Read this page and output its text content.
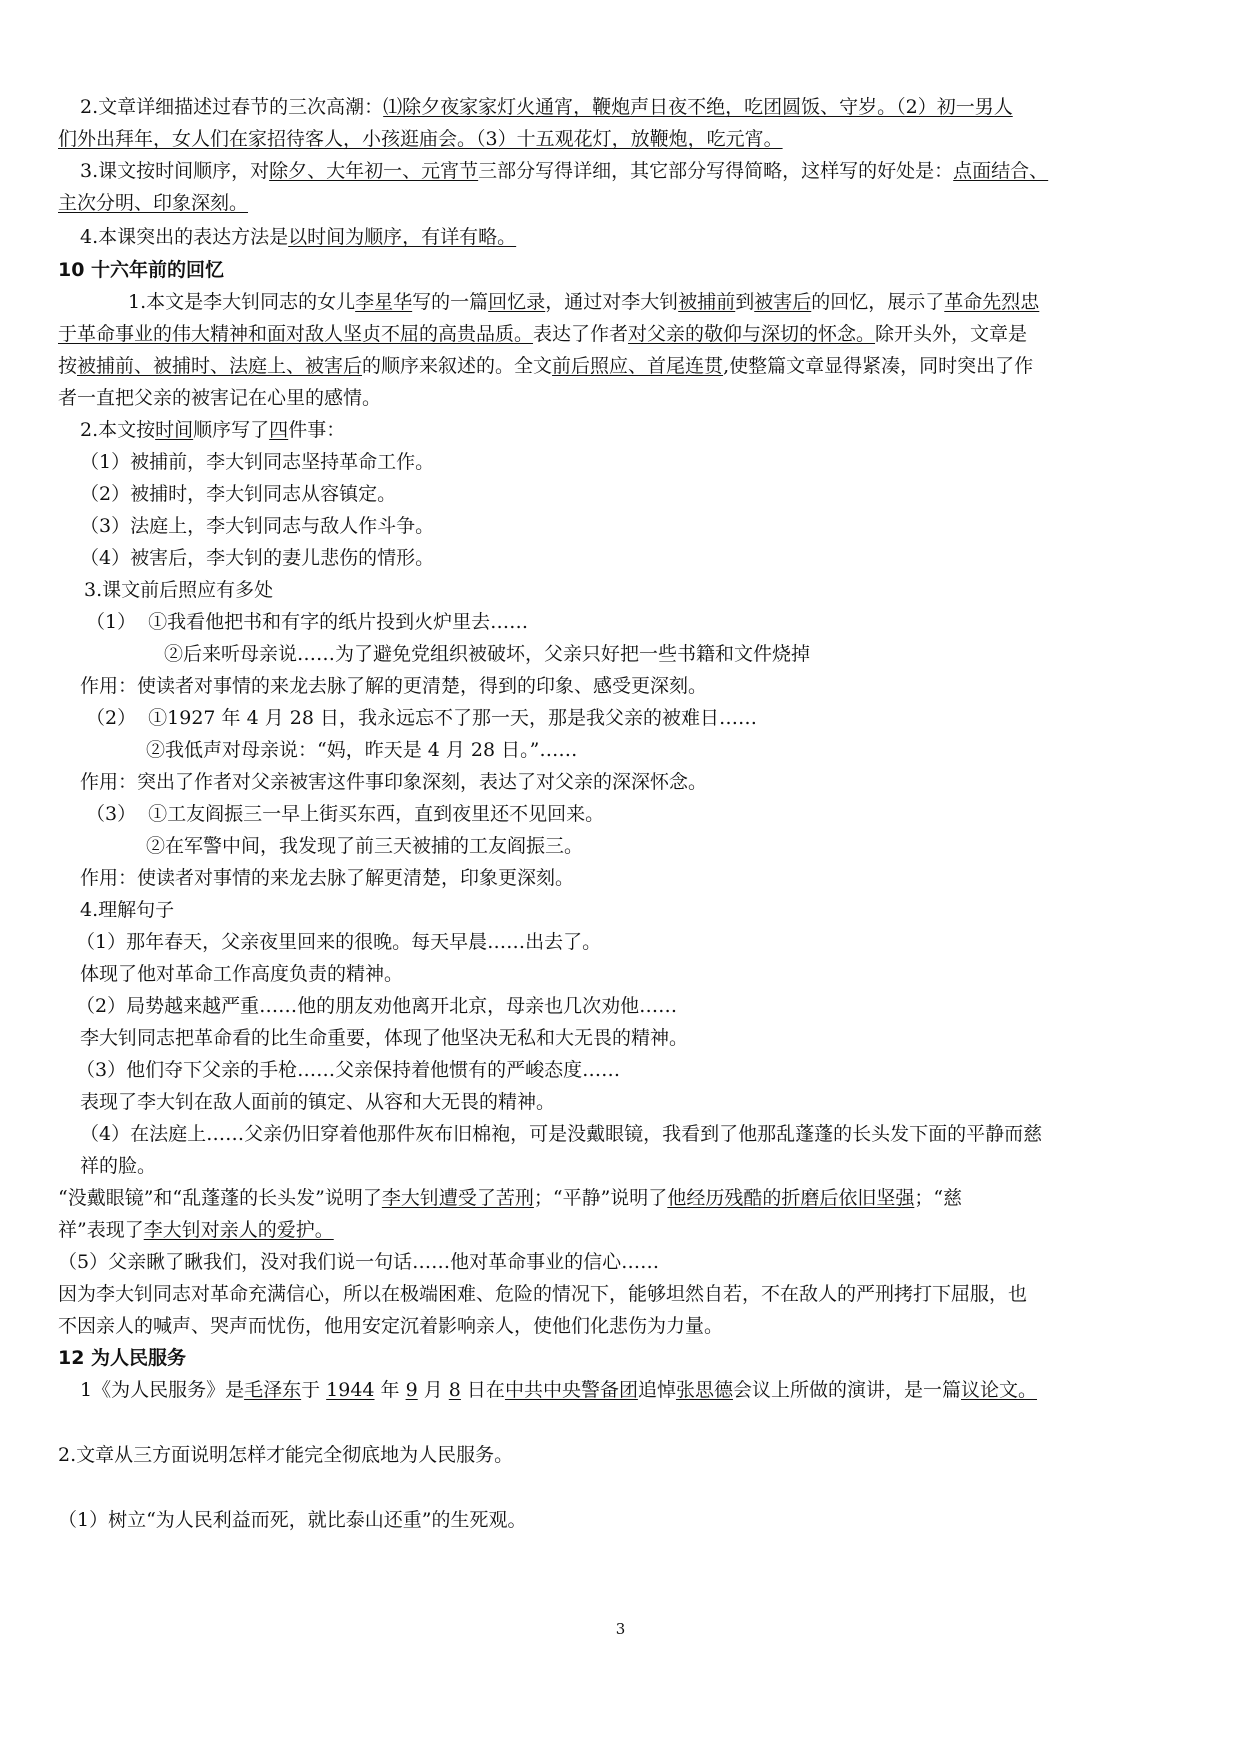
2.文章详细描述过春节的三次高潮：⑴除夕夜家家灯火通宵，鞭炮声日夜不绝，吃团圆饭、守岁。（2）初一男人
们外出拜年，女人们在家招待客人，小孩逛庙会。（3）十五观花灯，放鞭炮，吃元宵。
3.课文按时间顺序，对除夕、大年初一、元宵节三部分写得详细，其它部分写得简略，这样写的好处是：点面结合、
主次分明、印象深刻。
4.本课突出的表达方法是以时间为顺序，有详有略。
10 十六年前的回忆
1.本文是李大钊同志的女儿李星华写的一篇回忆录，通过对李大钊被捕前到被害后的回忆，展示了革命先烈忠
于革命事业的伟大精神和面对敌人坚贞不屈的高贵品质。表达了作者对父亲的敬仰与深切的怀念。除开头外，文章是
按被捕前、被捕时、法庭上、被害后的顺序来叙述的。全文前后照应、首尾连贯,使整篇文章显得紧凑，同时突出了作
者一直把父亲的被害记在心里的感情。
2.本文按时间顺序写了四件事：
（1）被捕前，李大钊同志坚持革命工作。
（2）被捕时，李大钊同志从容镇定。
（3）法庭上，李大钊同志与敌人作斗争。
（4）被害后，李大钊的妻儿悲伤的情形。
3.课文前后照应有多处
（1）  ①我看他把书和有字的纸片投到火炉里去……
②后来听母亲说……为了避免党组织被破坏，父亲只好把一些书籍和文件烧掉
作用：使读者对事情的来龙去脉了解的更清楚，得到的印象、感受更深刻。
（2）  ①1927 年 4 月 28 日，我永远忘不了那一天，那是我父亲的被难日……
②我低声对母亲说：“妈，昨天是 4 月 28 日。”……
作用：突出了作者对父亲被害这件事印象深刻，表达了对父亲的深深怀念。
（3）  ①工友阎振三一早上街买东西，直到夜里还不见回来。
②在军警中间，我发现了前三天被捕的工友阎振三。
作用：使读者对事情的来龙去脉了解更清楚，印象更深刻。
4.理解句子
（1）那年春天，父亲夜里回来的很晚。每天早晨……出去了。
体现了他对革命工作高度负责的精神。
（2）局势越来越严重……他的朋友劝他离开北京，母亲也几次劝他……
李大钊同志把革命看的比生命重要，体现了他坚决无私和大无畏的精神。
（3）他们夺下父亲的手枪……父亲保持着他惯有的严峻态度……
表现了李大钊在敌人面前的镇定、从容和大无畏的精神。
（4）在法庭上……父亲仍旧穿着他那件灰布旧棉袍，可是没戴眼镜，我看到了他那乱蓬蓬的长头发下面的平静而慈
祥的脸。
“没戴眼镜”和“乱蓬蓬的长头发”说明了李大钊遭受了苦刑；“平静”说明了他经历残酷的折磨后依旧坚强；“慈
祥”表现了李大钊对亲人的爱护。
（5）父亲瞅了瞅我们，没对我们说一句话……他对革命事业的信心……
因为李大钊同志对革命充满信心，所以在极端困难、危险的情况下，能够坦然自若，不在敌人的严刑拷打下屈服，也
不因亲人的喊声、哭声而忧伤，他用安定沉着影响亲人，使他们化悲伤为力量。
12 为人民服务
1《为人民服务》是毛泽东于 1944 年 9 月 8 日在中共中央警备团追悼张思德会议上所做的演讲，是一篇议论文。
2.文章从三方面说明怎样才能完全彻底地为人民服务。
（1）树立“为人民利益而死，就比泰山还重”的生死观。
3
